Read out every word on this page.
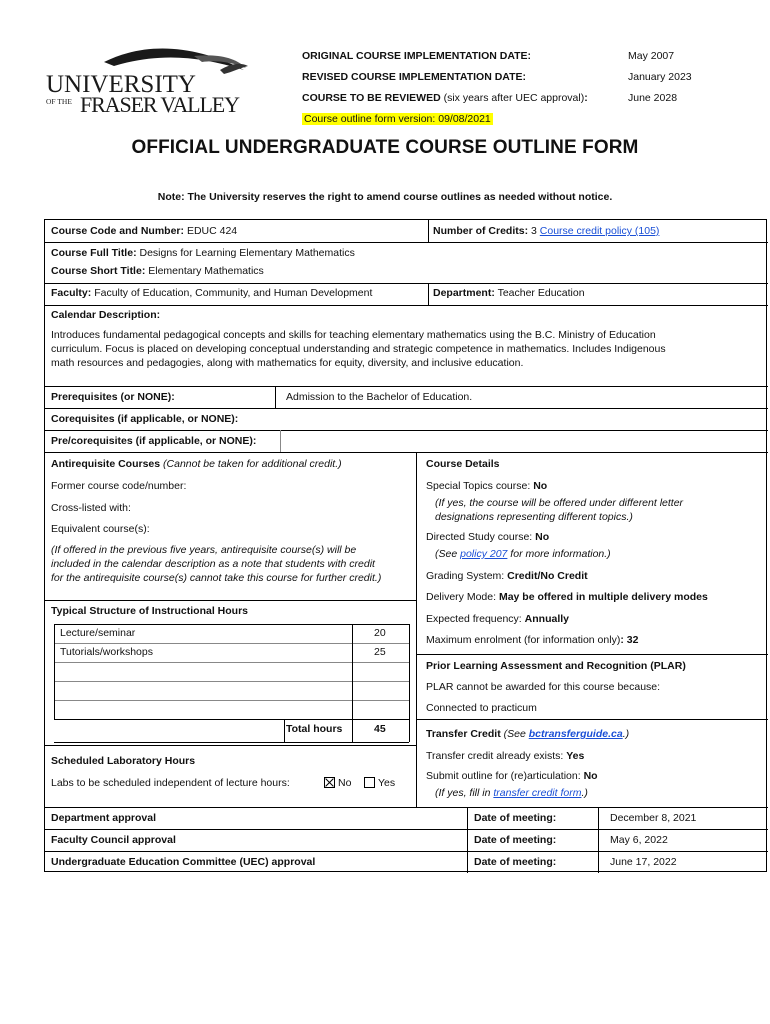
UNIVERSITY
OF THE FRASER VALLEY
ORIGINAL COURSE IMPLEMENTATION DATE:	May 2007
REVISED COURSE IMPLEMENTATION DATE:	January 2023
COURSE TO BE REVIEWED (six years after UEC approval):	June 2028
Course outline form version: 09/08/2021
OFFICIAL UNDERGRADUATE COURSE OUTLINE FORM
Note: The University reserves the right to amend course outlines as needed without notice.
Course Code and Number: EDUC 424	Number of Credits: 3 Course credit policy (105)
Course Full Title: Designs for Learning Elementary Mathematics
Course Short Title: Elementary Mathematics
Faculty: Faculty of Education, Community, and Human Development	Department: Teacher Education
Calendar Description:
Introduces fundamental pedagogical concepts and skills for teaching elementary mathematics using the B.C. Ministry of Education
curriculum. Focus is placed on developing conceptual understanding and strategic competence in mathematics. Includes Indigenous
math resources and pedagogies, along with mathematics for equity, diversity, and inclusive education.
Prerequisites (or NONE):	Admission to the Bachelor of Education.
Corequisites (if applicable, or NONE):
Pre/corequisites (if applicable, or NONE):
Antirequisite Courses (Cannot be taken for additional credit.)
Former course code/number:
Cross-listed with:
Equivalent course(s):
(If offered in the previous five years, antirequisite course(s) will be
included in the calendar description as a note that students with credit
for the antirequisite course(s) cannot take this course for further credit.)
Typical Structure of Instructional Hours
Lecture/seminar	20
Tutorials/workshops	25
Total hours	45
Scheduled Laboratory Hours
Labs to be scheduled independent of lecture hours:	No	Yes
Course Details
Special Topics course: No
(If yes, the course will be offered under different letter
designations representing different topics.)
Directed Study course: No
(See policy 207 for more information.)
Grading System: Credit/No Credit
Delivery Mode: May be offered in multiple delivery modes
Expected frequency: Annually
Maximum enrolment (for information only): 32
Prior Learning Assessment and Recognition (PLAR)
PLAR cannot be awarded for this course because:
Connected to practicum
Transfer Credit (See bctransferguide.ca.)
Transfer credit already exists: Yes
Submit outline for (re)articulation: No
(If yes, fill in transfer credit form.)
Department approval	Date of meeting:	December 8, 2021
Faculty Council approval	Date of meeting:	May 6, 2022
Undergraduate Education Committee (UEC) approval	Date of meeting:	June 17, 2022
